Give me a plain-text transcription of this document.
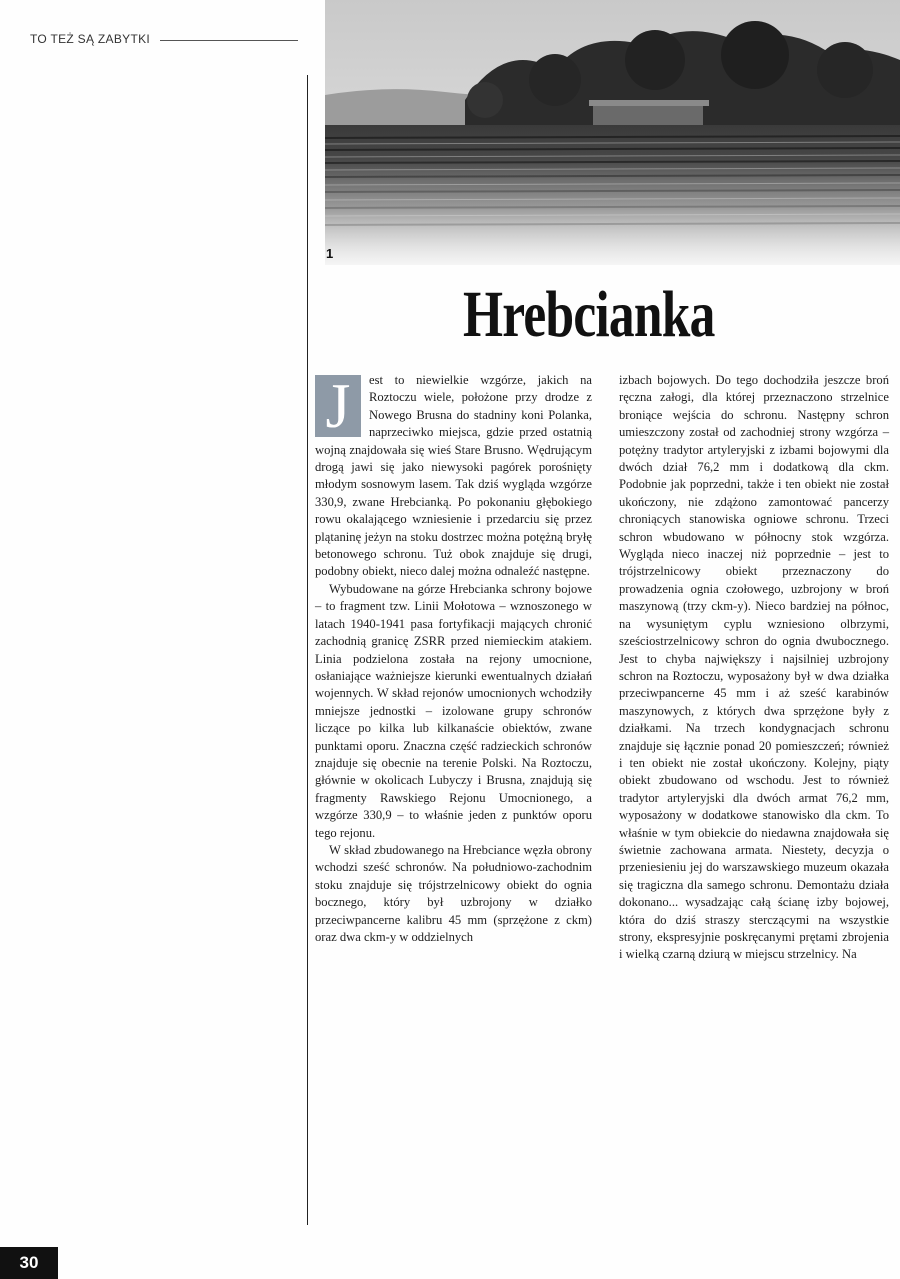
TO TEŻ SĄ ZABYTKI
1
Hrebcianka
J	est to niewielkie wzgórze, jakich na Roztoczu wiele, położone przy drodze z Nowego Brusna do stadniny koni Polanka, naprzeciwko miejsca, gdzie przed ostatnią wojną znajdowała się wieś Stare Brusno. Wędrującym drogą jawi się jako niewysoki pagórek porośnięty młodym sosnowym lasem. Tak dziś wygląda wzgórze 330,9, zwane Hrebcianką. Po pokonaniu głębokiego rowu okalającego wzniesienie i przedarciu się przez plątaninę jeżyn na stoku dostrzec można potężną bryłę betonowego schronu. Tuż obok znajduje się drugi, podobny obiekt, nieco dalej można odnaleźć następne.

Wybudowane na górze Hrebcianka schrony bojowe – to fragment tzw. Linii Mołotowa – wznoszonego w latach 1940-1941 pasa fortyfikacji mających chronić zachodnią granicę ZSRR przed niemieckim atakiem. Linia podzielona została na rejony umocnione, osłaniające ważniejsze kierunki ewentualnych działań wojennych. W skład rejonów umocnionych wchodziły mniejsze jednostki – izolowane grupy schronów liczące po kilka lub kilkanaście obiektów, zwane punktami oporu. Znaczna część radzieckich schronów znajduje się obecnie na terenie Polski. Na Roztoczu, głównie w okolicach Lubyczy i Brusna, znajdują się fragmenty Rawskiego Rejonu Umocnionego, a wzgórze 330,9 – to właśnie jeden z punktów oporu tego rejonu.

W skład zbudowanego na Hrebciance węzła obrony wchodzi sześć schronów. Na południowo-zachodnim stoku znajduje się trójstrzelnicowy obiekt do ognia bocznego, który był uzbrojony w działko przeciwpancerne kalibru 45 mm (sprzężone z ckm) oraz dwa ckm-y w oddzielnych

izbach bojowych. Do tego dochodziła jeszcze broń ręczna załogi, dla której przeznaczono strzelnice broniące wejścia do schronu. Następny schron umieszczony został od zachodniej strony wzgórza – potężny tradytor artyleryjski z izbami bojowymi dla dwóch dział 76,2 mm i dodatkową dla ckm. Podobnie jak poprzedni, także i ten obiekt nie został ukończony, nie zdążono zamontować pancerzy chroniących stanowiska ogniowe schronu. Trzeci schron wbudowano w północny stok wzgórza. Wygląda nieco inaczej niż poprzednie – jest to trójstrzelnicowy obiekt przeznaczony do prowadzenia ognia czołowego, uzbrojony w broń maszynową (trzy ckm-y). Nieco bardziej na północ, na wysuniętym cyplu wzniesiono olbrzymi, sześciostrzelnicowy schron do ognia dwubocznego. Jest to chyba największy i najsilniej uzbrojony schron na Roztoczu, wyposażony był w dwa działka przeciwpancerne 45 mm i aż sześć karabinów maszynowych, z których dwa sprzężone były z działkami. Na trzech kondygnacjach schronu znajduje się łącznie ponad 20 pomieszczeń; również i ten obiekt nie został ukończony. Kolejny, piąty obiekt zbudowano od wschodu. Jest to również tradytor artyleryjski dla dwóch armat 76,2 mm, wyposażony w dodatkowe stanowisko dla ckm. To właśnie w tym obiekcie do niedawna znajdowała się świetnie zachowana armata. Niestety, decyzja o przeniesieniu jej do warszawskiego muzeum okazała się tragiczna dla samego schronu. Demontażu działa dokonano... wysadzając całą ścianę izby bojowej, która do dziś straszy sterczącymi na wszystkie strony, ekspresyjnie poskręcanymi prętami zbrojenia i wielką czarną dziurą w miejscu strzelnicy. Na

30
